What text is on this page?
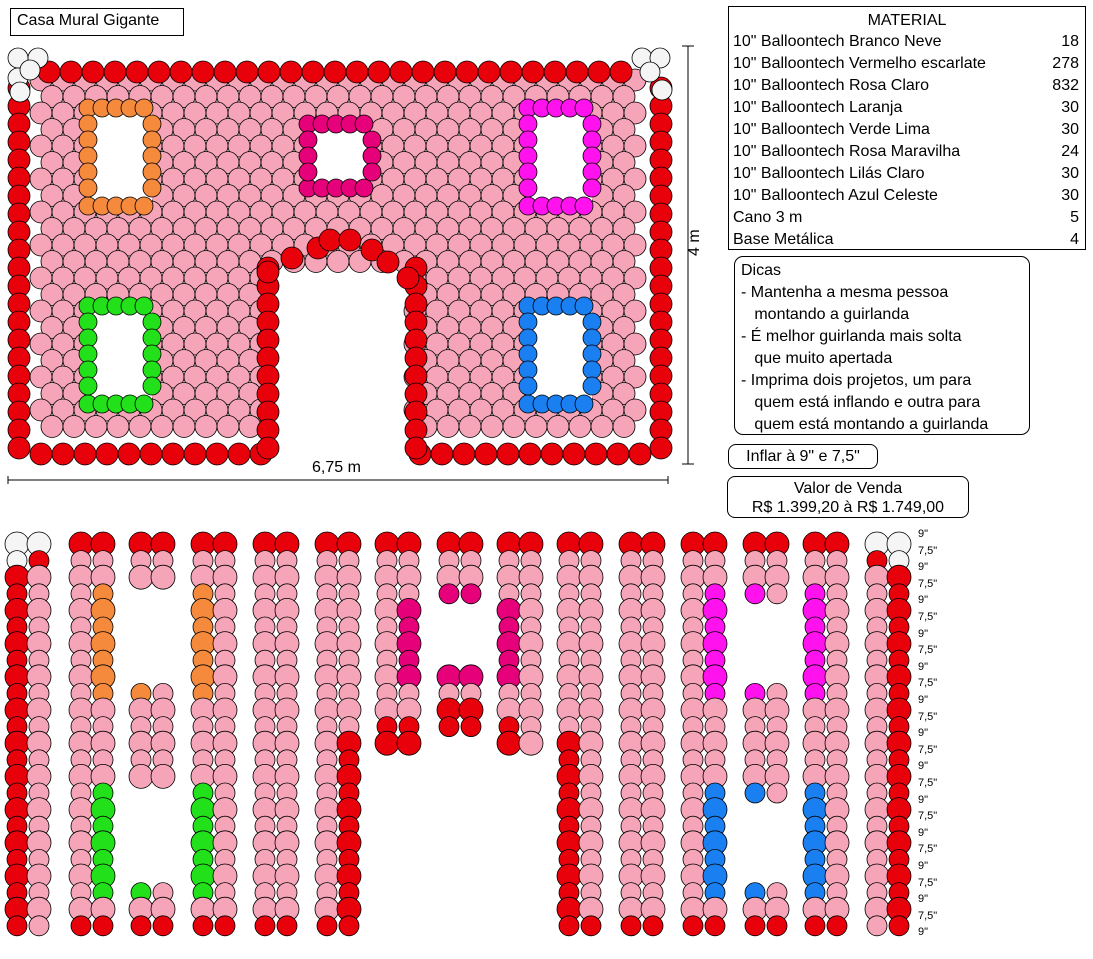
Casa Mural Gigante	MATERIAL
10" Balloontech Branco Neve	18
10" Balloontech Vermelho escarlate	278
10" Balloontech Rosa Claro	832
10" Balloontech Laranja	30
10" Balloontech Verde Lima	30
10" Balloontech Rosa Maravilha	24
10" Balloontech Lilás Claro	30
10" Balloontech Azul Celeste	30
Cano 3 m	5
Base Metálica	4
Dicas
- Mantenha a mesma pessoa
montando a guirlanda
- É melhor guirlanda mais solta
que muito apertada
- Imprima dois projetos, um para
quem está inflando e outra para
quem está montando a guirlanda
Inflar à 9" e 7,5"
Valor de Venda
R$ 1.399,20 à R$ 1.749,00
6,75 m
4 m
9"
7,5"
9"
7,5"
9"
7,5"
9"
7,5"
9"
7,5"
9"
7,5"
9"
7,5"
9"
7,5"
9"
7,5"
9"
7,5"
9"
7,5"
9"
7,5"
9"
